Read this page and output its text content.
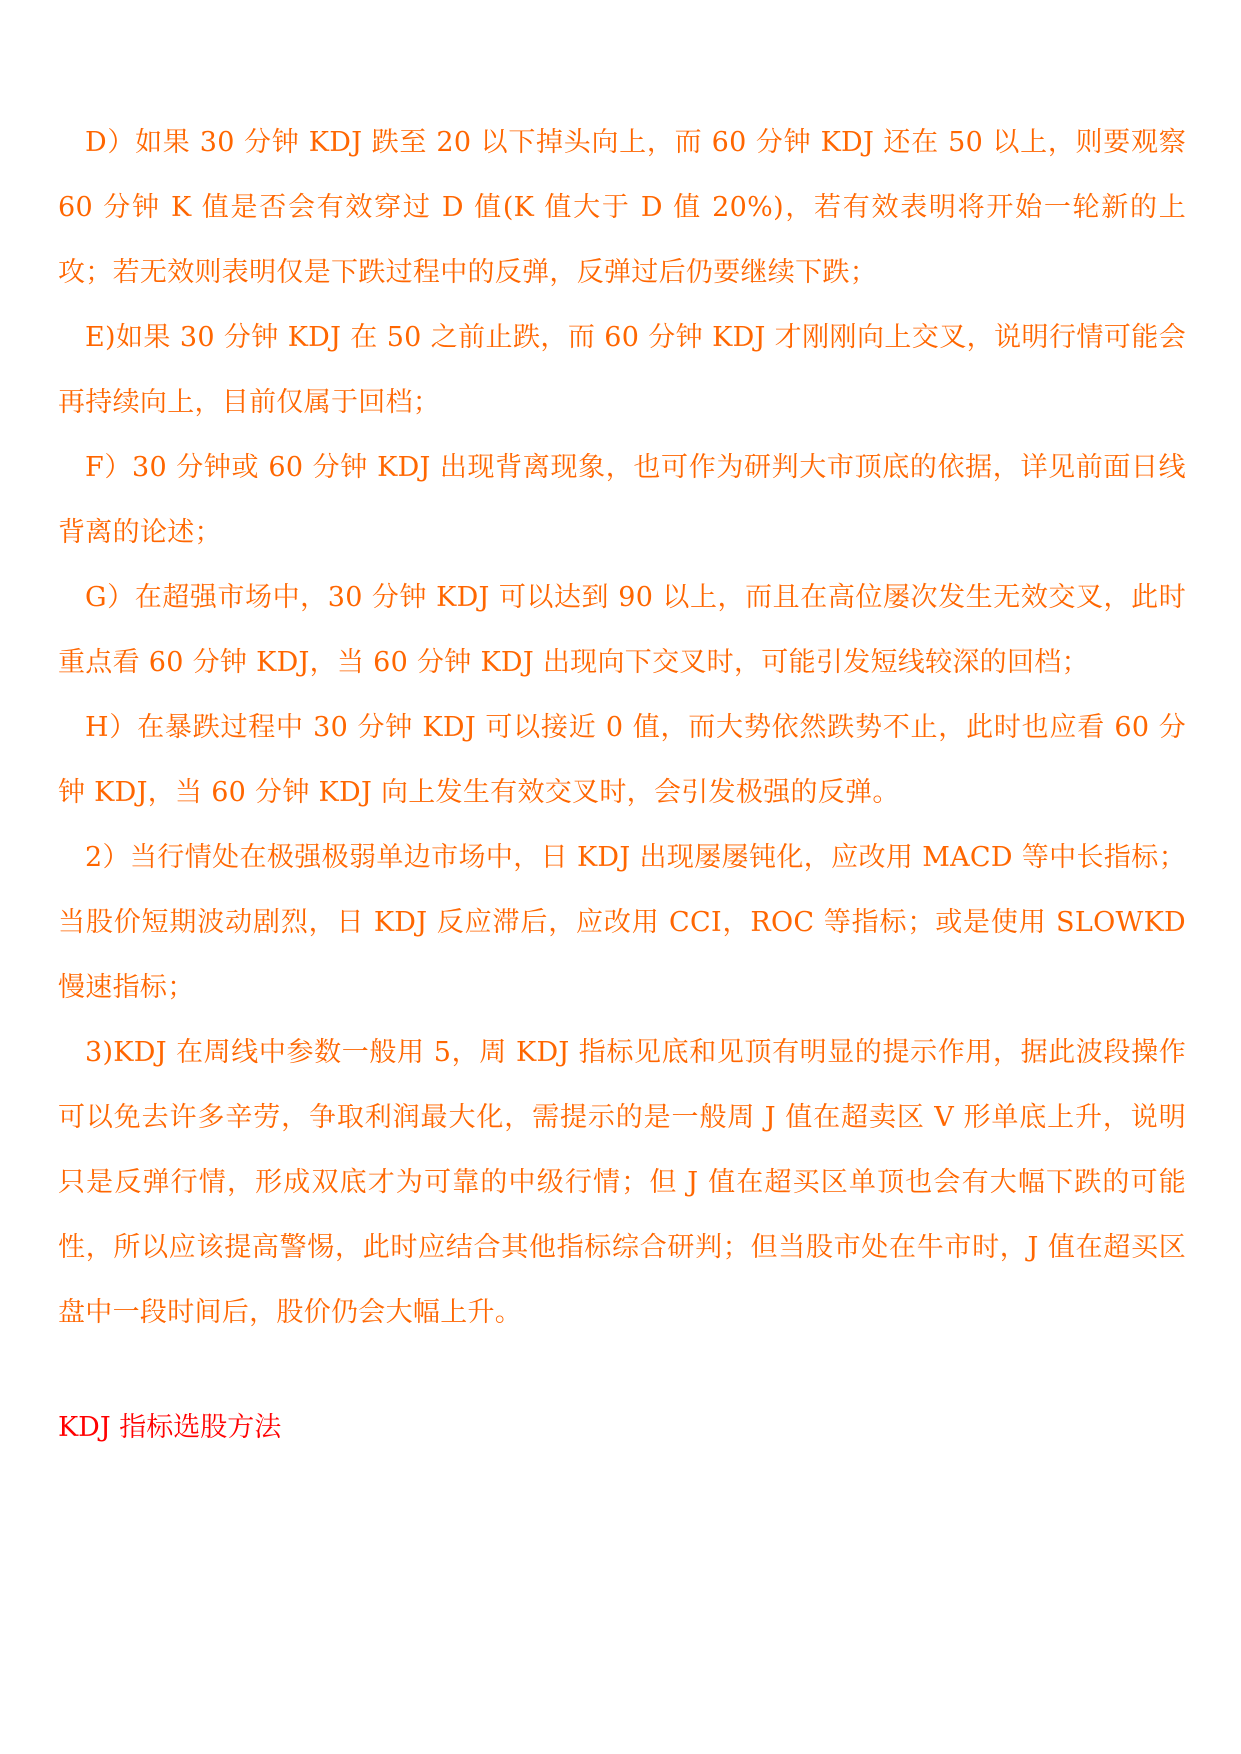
D）如果 30 分钟 KDJ 跌至 20 以下掉头向上，而 60 分钟 KDJ 还在 50 以上，则要观察 60 分钟 K 值是否会有效穿过 D 值(K 值大于 D 值 20%)，若有效表明将开始一轮新的上攻；若无效则表明仅是下跌过程中的反弹，反弹过后仍要继续下跌；

E)如果 30 分钟 KDJ 在 50 之前止跌，而 60 分钟 KDJ 才刚刚向上交叉，说明行情可能会再持续向上，目前仅属于回档；

F）30 分钟或 60 分钟 KDJ 出现背离现象，也可作为研判大市顶底的依据，详见前面日线背离的论述；

G）在超强市场中，30 分钟 KDJ 可以达到 90 以上，而且在高位屡次发生无效交叉，此时重点看 60 分钟 KDJ，当 60 分钟 KDJ 出现向下交叉时，可能引发短线较深的回档；

H）在暴跌过程中 30 分钟 KDJ 可以接近 0 值，而大势依然跌势不止，此时也应看 60 分钟 KDJ，当 60 分钟 KDJ 向上发生有效交叉时，会引发极强的反弹。

2）当行情处在极强极弱单边市场中，日 KDJ 出现屡屡钝化，应改用 MACD 等中长指标；当股价短期波动剧烈，日 KDJ 反应滞后，应改用 CCI，ROC 等指标；或是使用 SLOWKD 慢速指标；

3)KDJ 在周线中参数一般用 5，周 KDJ 指标见底和见顶有明显的提示作用，据此波段操作可以免去许多辛劳，争取利润最大化，需提示的是一般周 J 值在超卖区 V 形单底上升，说明只是反弹行情，形成双底才为可靠的中级行情；但 J 值在超买区单顶也会有大幅下跌的可能性，所以应该提高警惕，此时应结合其他指标综合研判；但当股市处在牛市时，J 值在超买区盘中一段时间后，股价仍会大幅上升。

KDJ 指标选股方法
